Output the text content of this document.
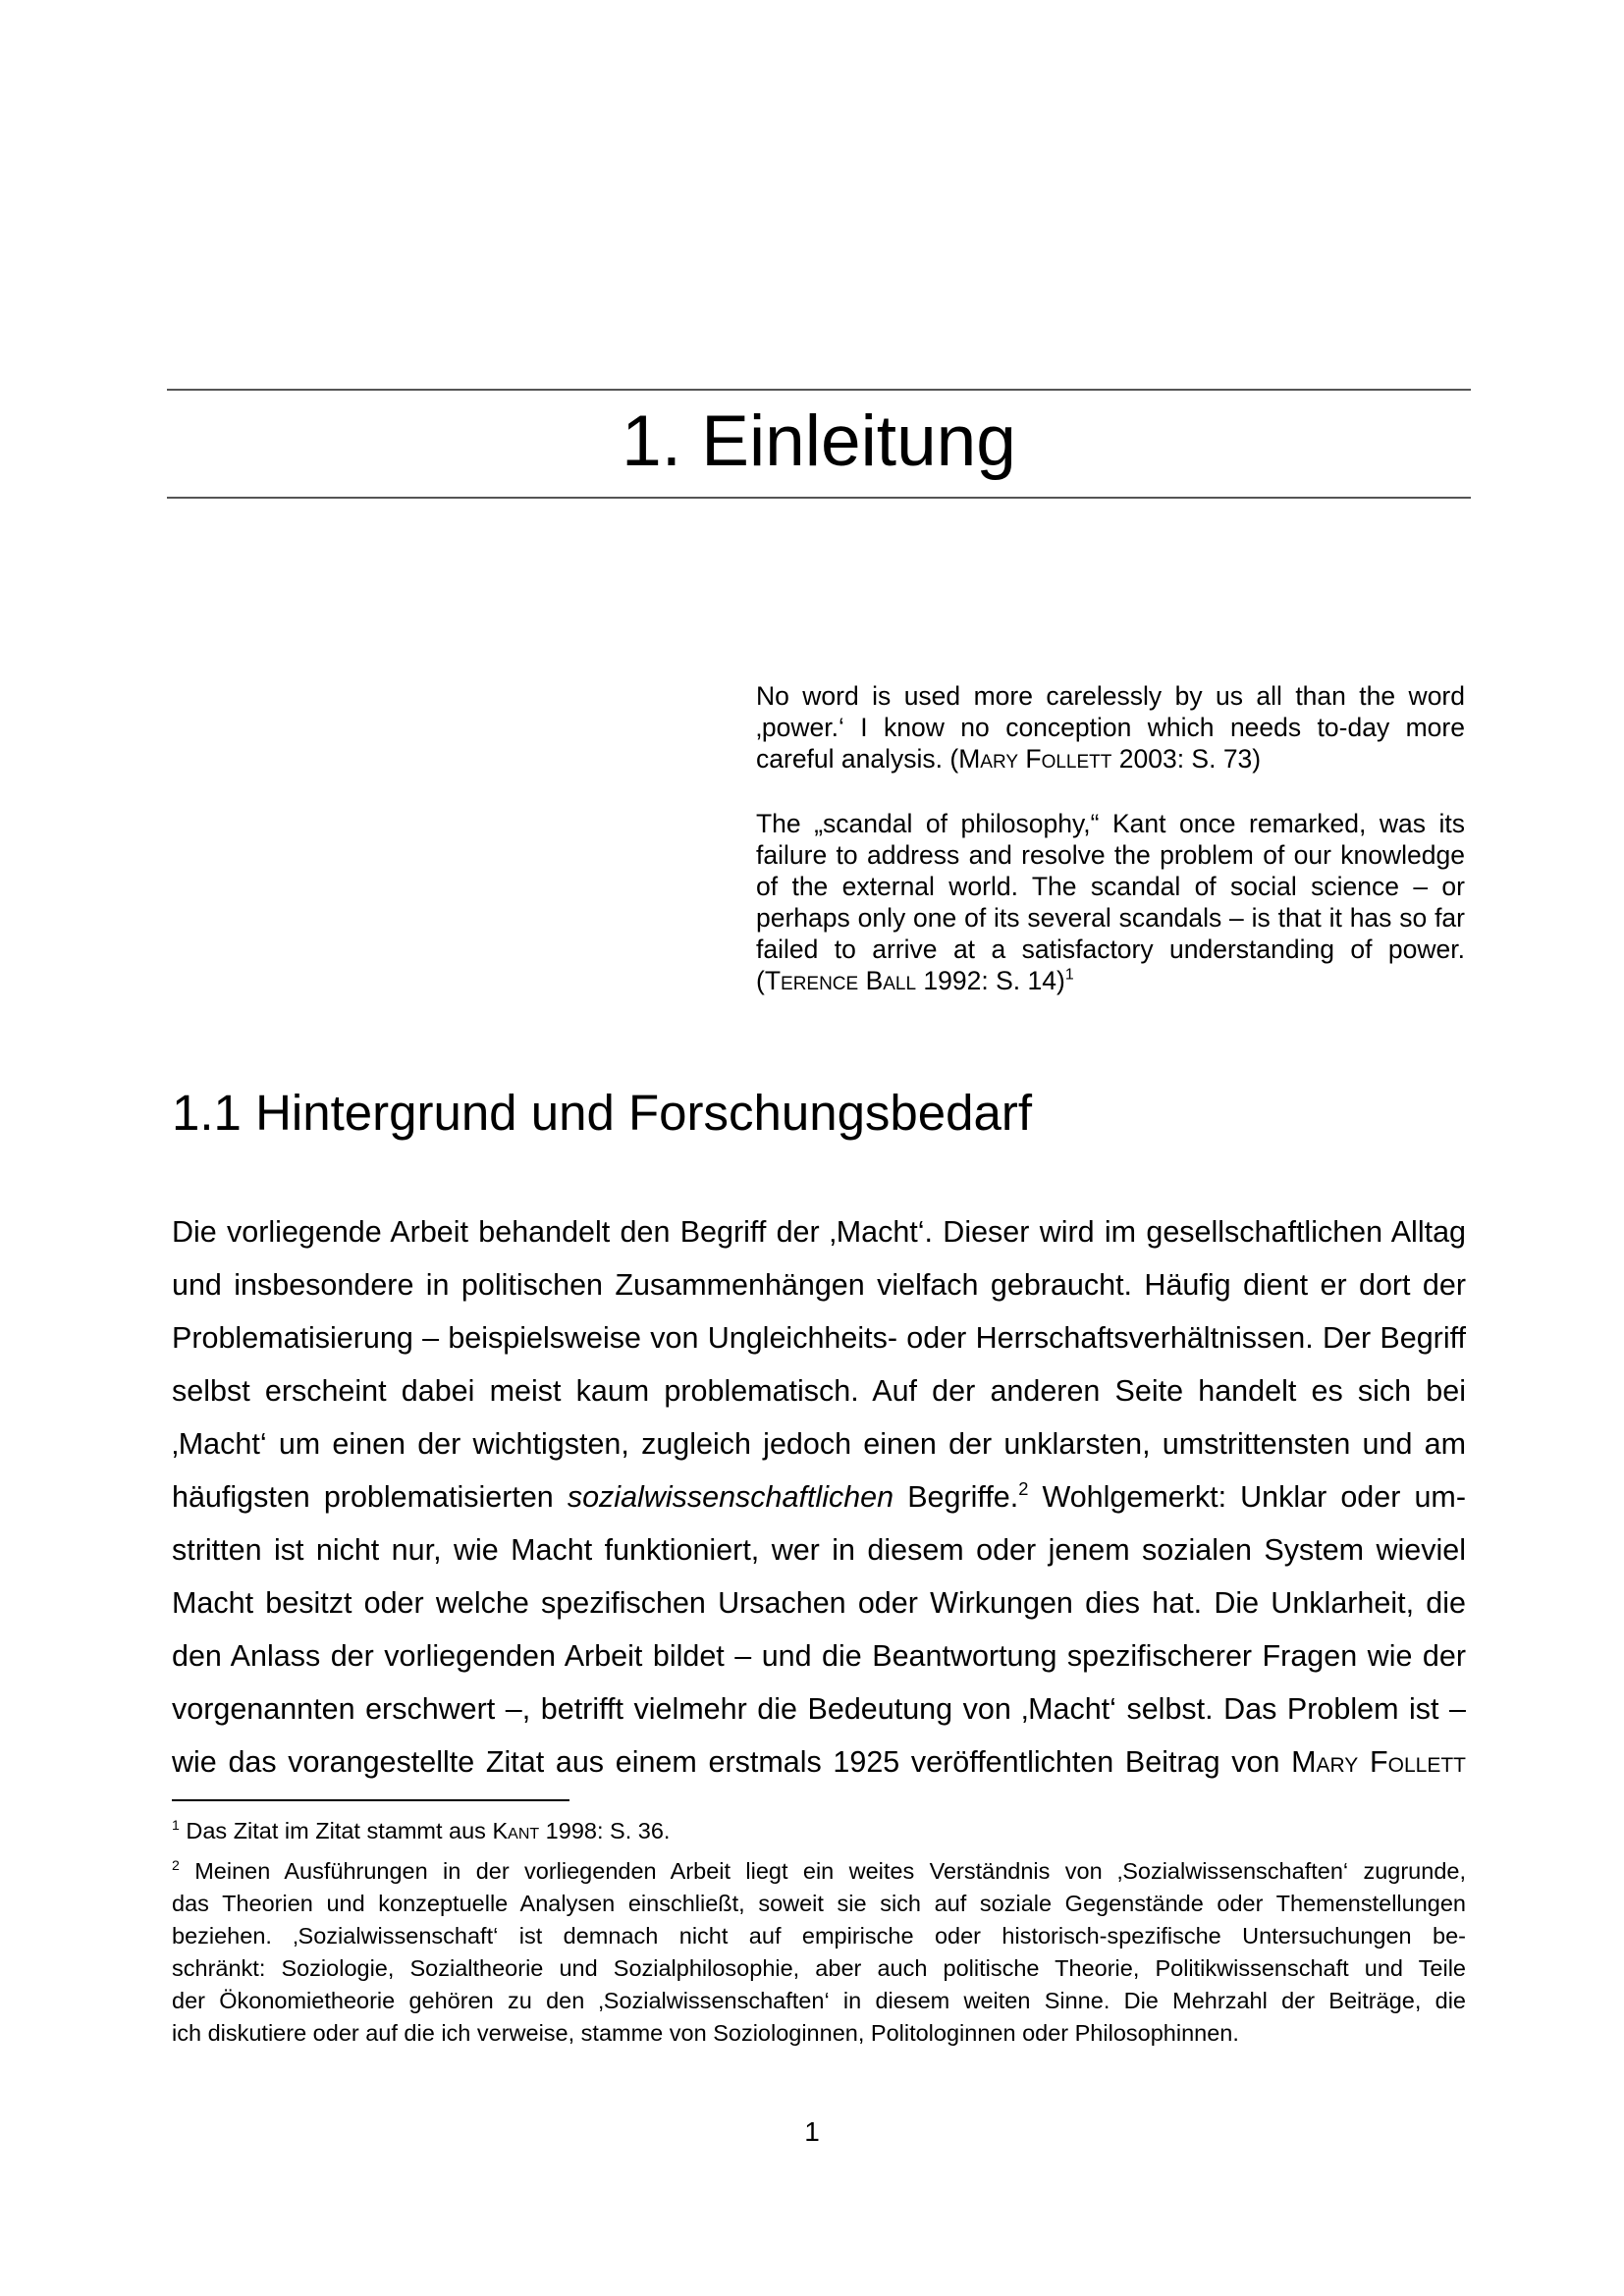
1. Einleitung

No word is used more carelessly by us all than the word ‚power.‘ I know no conception which needs to-day more careful analysis. (Mary Follett 2003: S. 73)

The „scandal of philosophy,“ Kant once remarked, was its failure to address and resolve the problem of our knowledge of the external world. The scandal of social science – or perhaps only one of its several scandals – is that it has so far failed to arrive at a satisfactory understanding of power. (Terence Ball 1992: S. 14)$^1$

1.1 Hintergrund und Forschungsbedarf
Die vorliegende Arbeit behandelt den Begriff der ‚Macht‘. Dieser wird im gesellschaftlichen Alltag
und insbesondere in politischen Zusammenhängen vielfach gebraucht. Häufig dient er dort der
Problematisierung – beispielsweise von Ungleichheits- oder Herrschaftsverhältnissen. Der Begriff
selbst erscheint dabei meist kaum problematisch. Auf der anderen Seite handelt es sich bei
‚Macht‘ um einen der wichtigsten, zugleich jedoch einen der unklarsten, umstrittensten und am
häufigsten problematisierten sozialwissenschaftlichen Begriffe.$^2$ Wohlgemerkt: Unklar oder um-
stritten ist nicht nur, wie Macht funktioniert, wer in diesem oder jenem sozialen System wieviel
Macht besitzt oder welche spezifischen Ursachen oder Wirkungen dies hat. Die Unklarheit, die
den Anlass der vorliegenden Arbeit bildet – und die Beantwortung spezifischerer Fragen wie der
vorgenannten erschwert –, betrifft vielmehr die Bedeutung von ‚Macht‘ selbst. Das Problem ist –
wie das vorangestellte Zitat aus einem erstmals 1925 veröffentlichten Beitrag von Mary Follett

$^1$ Das Zitat im Zitat stammt aus Kant 1998: S. 36.

$^2$ Meinen Ausführungen in der vorliegenden Arbeit liegt ein weites Verständnis von ‚Sozialwissenschaften‘ zugrunde,
das Theorien und konzeptuelle Analysen einschließt, soweit sie sich auf soziale Gegenstände oder Themenstellungen
beziehen. ‚Sozialwissenschaft‘ ist demnach nicht auf empirische oder historisch-spezifische Untersuchungen be-
schränkt: Soziologie, Sozialtheorie und Sozialphilosophie, aber auch politische Theorie, Politikwissenschaft und Teile
der Ökonomietheorie gehören zu den ‚Sozialwissenschaften‘ in diesem weiten Sinne. Die Mehrzahl der Beiträge, die
ich diskutiere oder auf die ich verweise, stamme von Soziologinnen, Politologinnen oder Philosophinnen.
1
